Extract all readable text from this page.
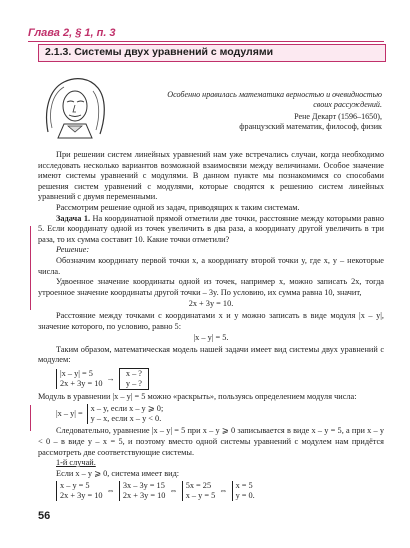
Глава 2, § 1, п. 3
2.1.3. Системы двух уравнений с модулями
Особенно нравилась математика верностью и очевидностью
своих рассуждений.
Рене Декарт (1596–1650),
французский математик, философ, физик

При решении систем линейных уравнений нам уже встречались случаи, когда необходимо исследовать несколько вариантов возможной взаимосвязи между величинами. Особое значение имеют системы уравнений с модулями. В данном пункте мы познакомимся со способами решения систем уравнений с модулями, которые сводятся к решению систем линейных уравнений с двумя переменными.

Рассмотрим решение одной из задач, приводящих к таким системам.

Задача 1. На координатной прямой отметили две точки, расстояние между которыми равно 5. Если координату одной из точек увеличить в два раза, а координату другой увеличить в три раза, то их сумма составит 10. Какие точки отметили?

Решение:

Обозначим координату первой точки x, а координату второй точки y, где x, y – некоторые числа.

Удвоенное значение координаты одной из точек, например x, можно записать 2x, тогда утроенное значение координаты другой точки – 3y. По условию, их сумма равна 10, значит,

2x + 3y = 10.

Расстояние между точками с координатами x и y можно записать в виде модуля |x – y|, значение которого, по условию, равно 5:

|x – y| = 5.

Таким образом, математическая модель нашей задачи имеет вид системы двух уравнений с модулем:

|x – y| = 5
2x + 3y = 10
→
x – ?
y – ?

Модуль в уравнении |x – y| = 5 можно «раскрыть», пользуясь определением модуля числа:

|x – y| =
x – y, если x – y ⩾ 0;
y – x, если x – y < 0.

Следовательно, уравнение |x – y| = 5 при x – y ⩾ 0 записывается в виде x – y = 5, а при x – y < 0 – в виде y – x = 5, и поэтому вместо одной системы уравнений с модулем нам придётся рассмотреть две соответствующие системы.

1-й случай.

Если x – y ⩾ 0, система имеет вид:

x – y = 5
2x + 3y = 10
⇔
3x – 3y = 15
2x + 3y = 10
⇔
5x = 25
x – y = 5
⇔
x = 5
y = 0.
56
